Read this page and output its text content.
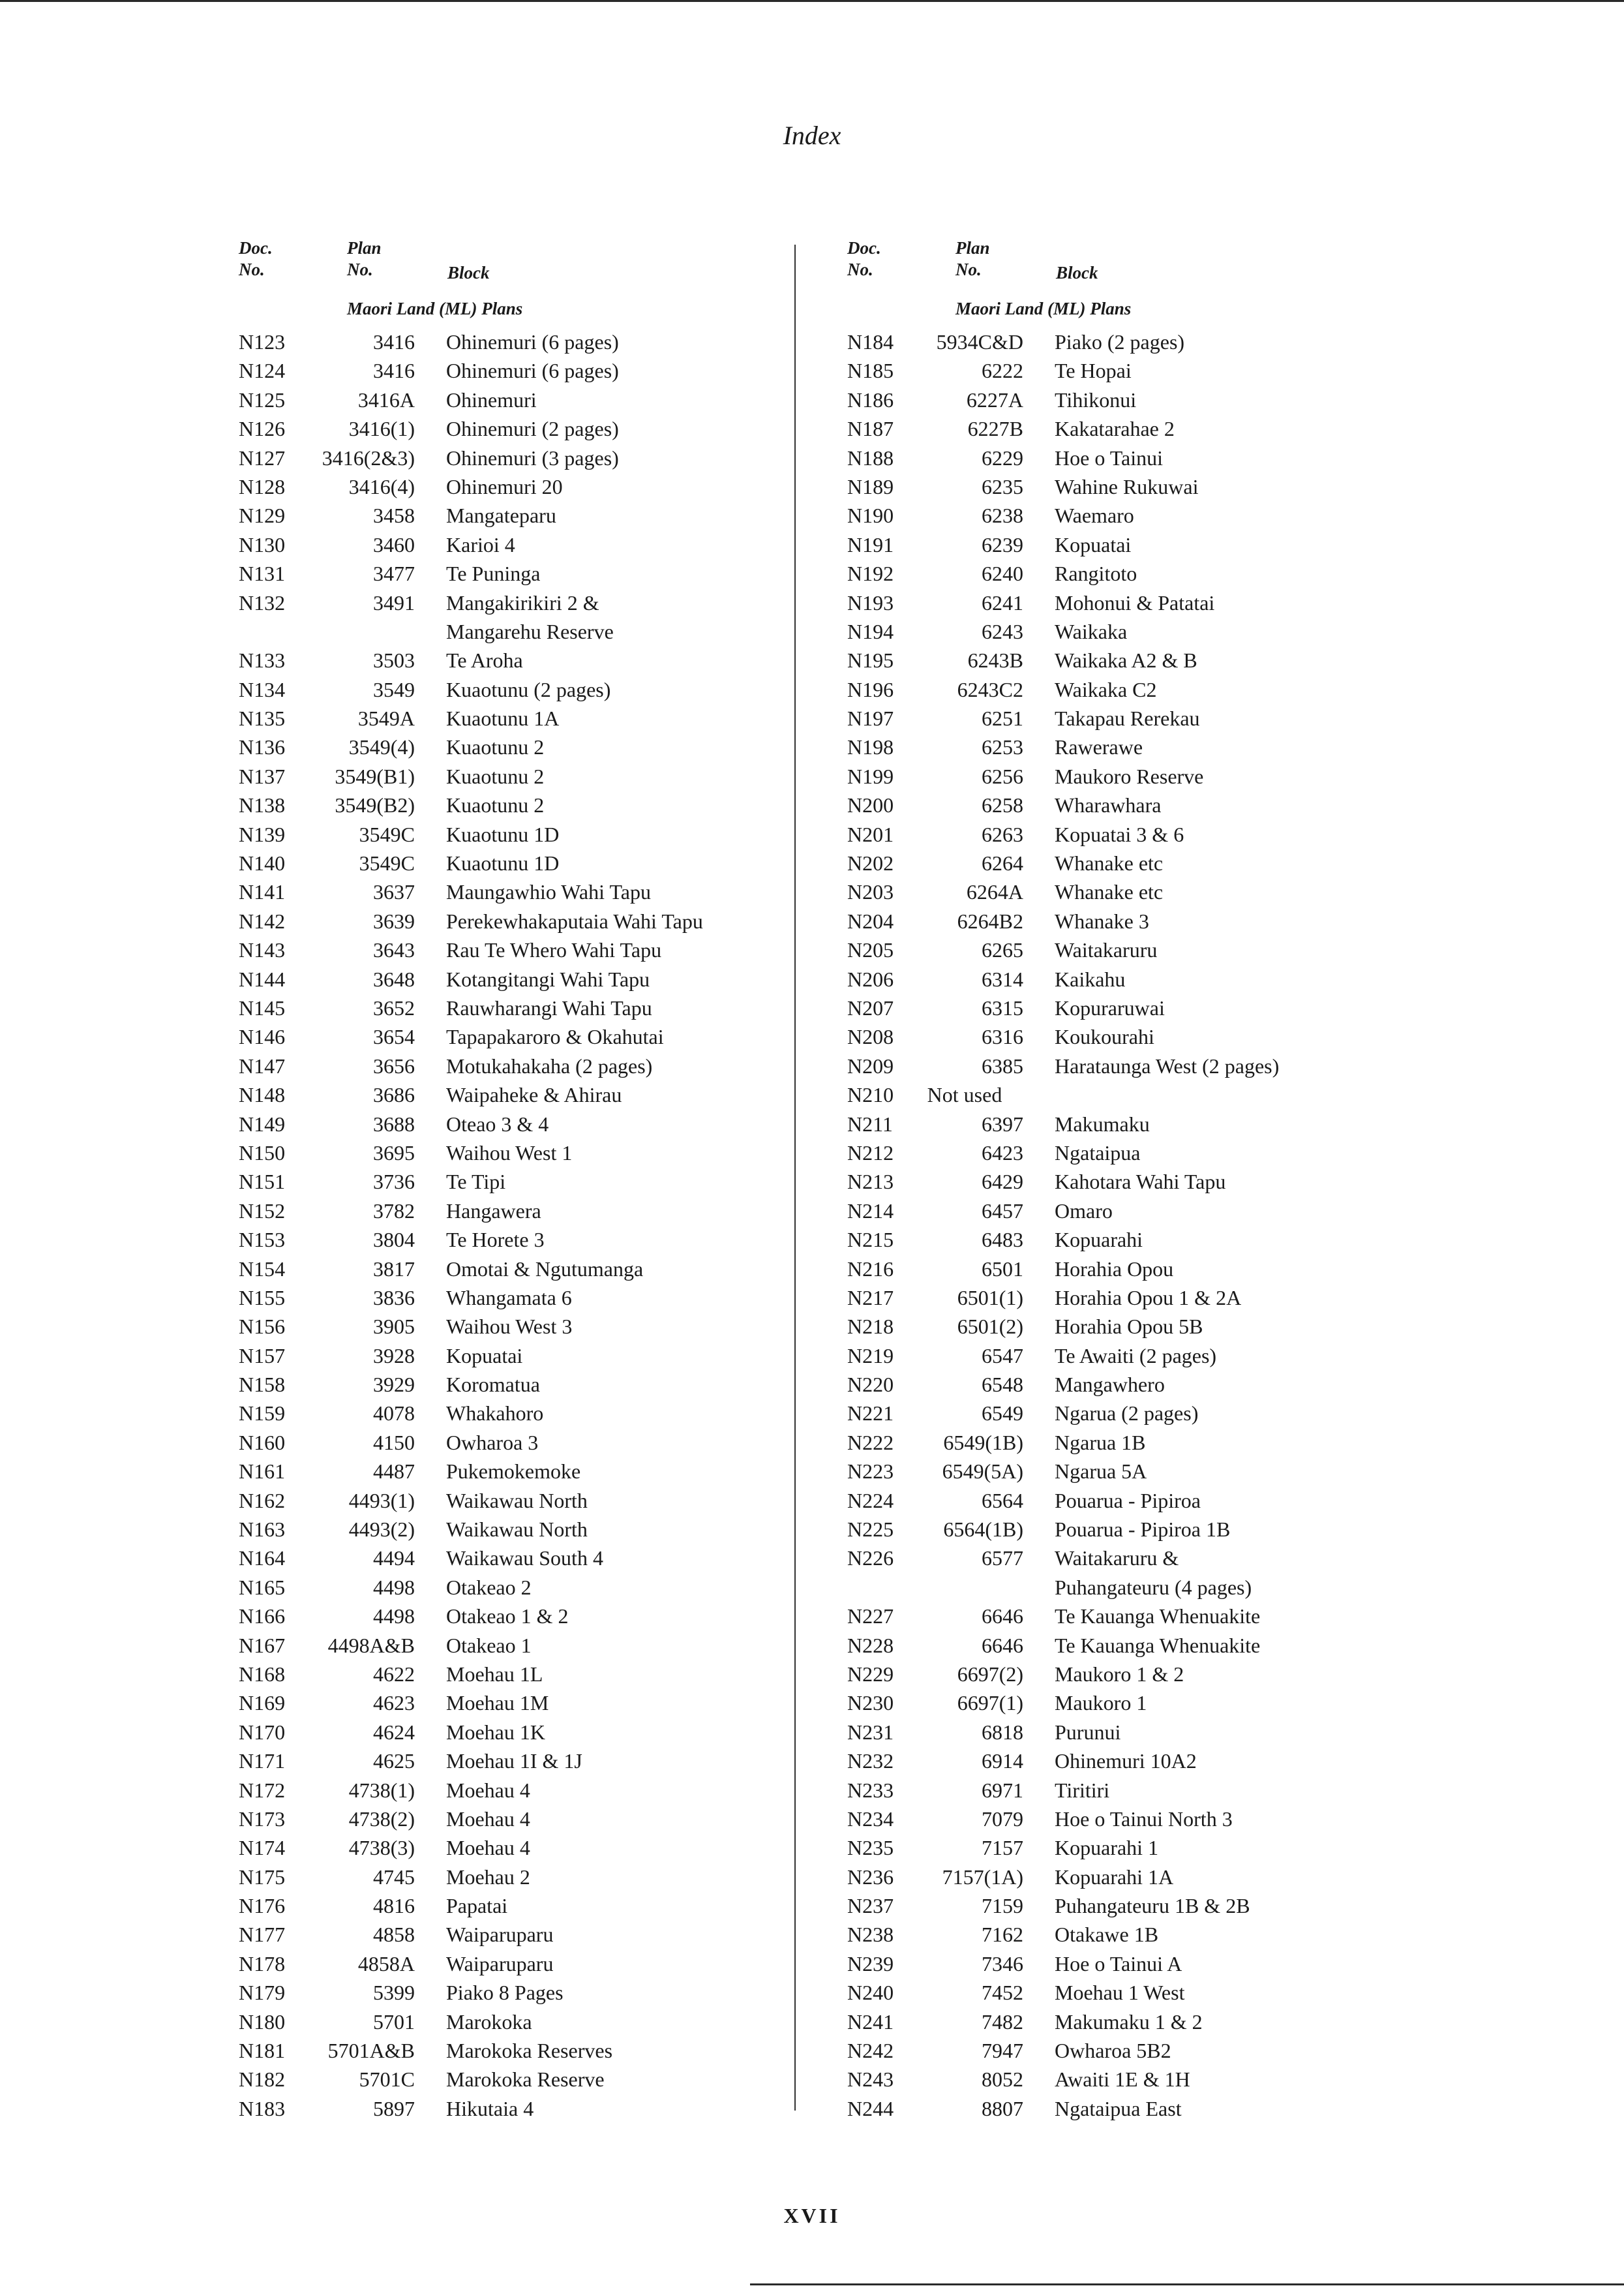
Index
Doc.
No.
Plan
No.	Block
Maori Land (ML) Plans
N123	3416 Ohinemuri (6 pages)
N124	3416 Ohinemuri (6 pages)
N125	3416A Ohinemuri
N126	3416(1) Ohinemuri (2 pages)
N127	3416(2&3) Ohinemuri (3 pages)
N128	3416(4) Ohinemuri 20
N129	3458 Mangateparu
N130	3460 Karioi 4
N131	3477 Te Puninga
N132	3491 Mangakirikiri 2 &
Mangarehu Reserve
N133	3503 Te Aroha
N134	3549 Kuaotunu (2 pages)
N135	3549A Kuaotunu 1A
N136	3549(4) Kuaotunu 2
N137	3549(B1) Kuaotunu 2
N138	3549(B2) Kuaotunu 2
N139	3549C Kuaotunu 1D
N140	3549C Kuaotunu 1D
N141	3637 Maungawhio Wahi Tapu
N142	3639 Perekewhakaputaia Wahi Tapu
N143	3643 Rau Te Whero Wahi Tapu
N144	3648 Kotangitangi Wahi Tapu
N145	3652 Rauwharangi Wahi Tapu
N146	3654 Tapapakaroro & Okahutai
N147	3656 Motukahakaha (2 pages)
N148	3686 Waipaheke & Ahirau
N149	3688 Oteao 3 & 4
N150	3695 Waihou West 1
N151	3736 Te Tipi
N152	3782 Hangawera
N153	3804 Te Horete 3
N154	3817 Omotai & Ngutumanga
N155	3836 Whangamata 6
N156	3905 Waihou West 3
N157	3928 Kopuatai
N158	3929 Koromatua
N159	4078 Whakahoro
N160	4150 Owharoa 3
N161	4487 Pukemokemoke
N162	4493(1) Waikawau North
N163	4493(2) Waikawau North
N164	4494 Waikawau South 4
N165	4498 Otakeao 2
N166	4498 Otakeao 1 & 2
N167	4498A&B Otakeao 1
N168	4622 Moehau 1L
N169	4623 Moehau 1M
N170	4624 Moehau 1K
N171	4625 Moehau 1I & 1J
N172	4738(1) Moehau 4
N173	4738(2) Moehau 4
N174	4738(3) Moehau 4
N175	4745 Moehau 2
N176	4816 Papatai
N177	4858 Waiparuparu
N178	4858A Waiparuparu
N179	5399 Piako 8 Pages
N180	5701 Marokoka
N181	5701A&B Marokoka Reserves
N182	5701C Marokoka Reserve
N183	5897 Hikutaia 4
Doc.
No.
Plan
No.	Block
Maori Land (ML) Plans
N184	5934C&D Piako (2 pages)
N185	6222 Te Hopai
N186	6227A Tihikonui
N187	6227B Kakatarahae 2
N188	6229 Hoe o Tainui
N189	6235 Wahine Rukuwai
N190	6238 Waemaro
N191	6239 Kopuatai
N192	6240 Rangitoto
N193	6241 Mohonui & Patatai
N194	6243 Waikaka
N195	6243B Waikaka A2 & B
N196	6243C2 Waikaka C2
N197	6251 Takapau Rerekau
N198	6253 Rawerawe
N199	6256 Maukoro Reserve
N200	6258 Wharawhara
N201	6263 Kopuatai 3 & 6
N202	6264 Whanake etc
N203	6264A Whanake etc
N204	6264B2 Whanake 3
N205	6265 Waitakaruru
N206	6314 Kaikahu
N207	6315 Kopuraruwai
N208	6316 Koukourahi
N209	6385 Harataunga West (2 pages)
N210	Not used
N211	6397 Makumaku
N212	6423 Ngataipua
N213	6429 Kahotara Wahi Tapu
N214	6457 Omaro
N215	6483 Kopuarahi
N216	6501 Horahia Opou
N217	6501(1) Horahia Opou 1 & 2A
N218	6501(2) Horahia Opou 5B
N219	6547 Te Awaiti (2 pages)
N220	6548 Mangawhero
N221	6549 Ngarua (2 pages)
N222	6549(1B) Ngarua 1B
N223	6549(5A) Ngarua 5A
N224	6564 Pouarua - Pipiroa
N225	6564(1B) Pouarua - Pipiroa 1B
N226	6577 Waitakaruru &
Puhangateuru (4 pages)
N227	6646 Te Kauanga Whenuakite
N228	6646 Te Kauanga Whenuakite
N229	6697(2) Maukoro 1 & 2
N230	6697(1) Maukoro 1
N231	6818 Purunui
N232	6914 Ohinemuri 10A2
N233	6971 Tiritiri
N234	7079 Hoe o Tainui North 3
N235	7157 Kopuarahi 1
N236	7157(1A) Kopuarahi 1A
N237	7159 Puhangateuru 1B & 2B
N238	7162 Otakawe 1B
N239	7346 Hoe o Tainui A
N240	7452 Moehau 1 West
N241	7482 Makumaku 1 & 2
N242	7947 Owharoa 5B2
N243	8052 Awaiti 1E & 1H
N244	8807 Ngataipua East
XVII
